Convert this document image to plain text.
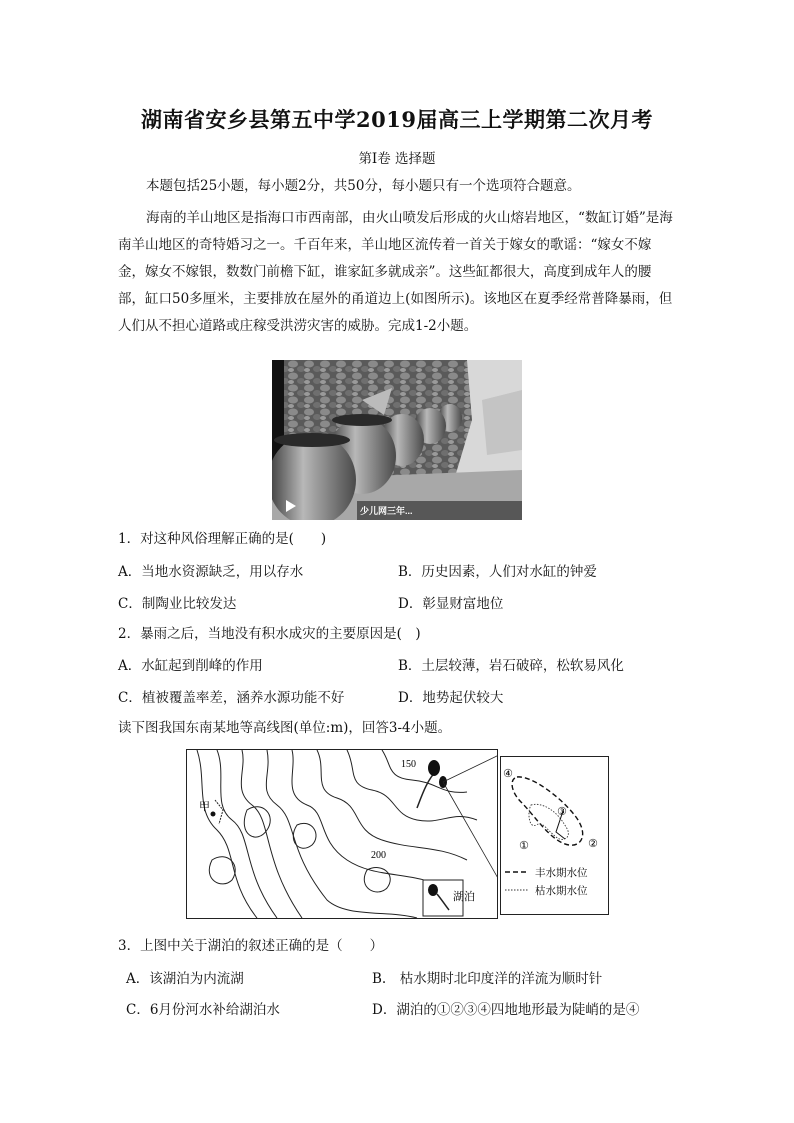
湖南省安乡县第五中学2019届高三上学期第二次月考
第I卷 选择题

本题包括25小题，每小题2分，共50分，每小题只有一个选项符合题意。

海南的羊山地区是指海口市西南部，由火山喷发后形成的火山熔岩地区，“数缸订婚”是海南羊山地区的奇特婚习之一。千百年来，羊山地区流传着一首关于嫁女的歌谣：“嫁女不嫁金，嫁女不嫁银，数数门前檐下缸，谁家缸多就成亲”。这些缸都很大，高度到成年人的腰部，缸口50多厘米，主要排放在屋外的甬道边上(如图所示)。该地区在夏季经常普降暴雨，但人们从不担心道路或庄稼受洪涝灾害的威胁。完成1-2小题。

少儿网三年...

1．对这种风俗理解正确的是(　　)

A．当地水资源缺乏，用以存水	B．历史因素，人们对水缸的钟爱
C．制陶业比较发达	D．彰显财富地位

2．暴雨之后，当地没有积水成灾的主要原因是(　)

A．水缸起到削峰的作用	B．土层较薄，岩石破碎，松软易风化
C．植被覆盖率差，涵养水源功能不好	D．地势起伏较大

读下图我国东南某地等高线图(单位:m)，回答3-4小题。

150
200
甲
湖泊
④
③
②
①
丰水期水位
枯水期水位

3．上图中关于湖泊的叙述正确的是（　　）

A．该湖泊为内流湖	B.　枯水期时北印度洋的洋流为顺时针
C．6月份河水补给湖泊水	D．湖泊的①②③④四地地形最为陡峭的是④
